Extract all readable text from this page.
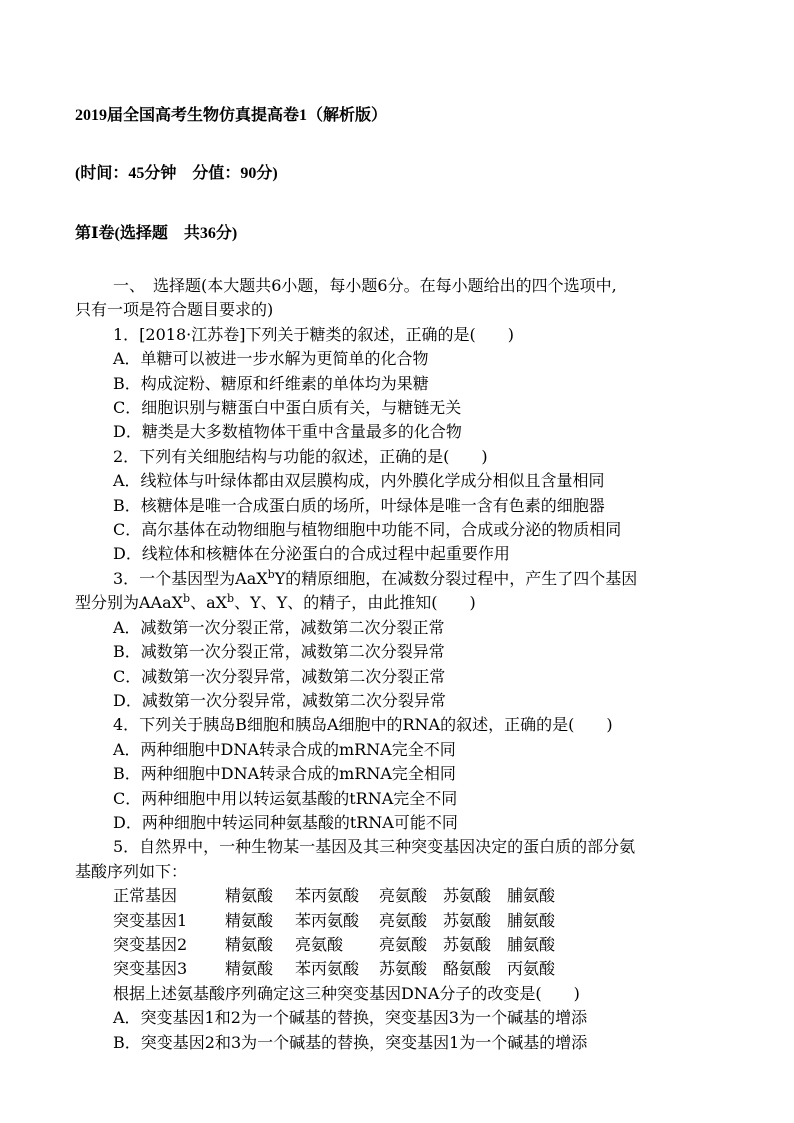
2019届全国高考生物仿真提高卷1（解析版）
(时间：45分钟　分值：90分)
第Ⅰ卷(选择题　共36分)

一、　选择题(本大题共6小题，每小题6分。在每小题给出的四个选项中,

只有一项是符合题目要求的)

1．[2018·江苏卷]下列关于糖类的叙述，正确的是(　　)

A．单糖可以被进一步水解为更简单的化合物

B．构成淀粉、糖原和纤维素的单体均为果糖

C．细胞识别与糖蛋白中蛋白质有关，与糖链无关

D．糖类是大多数植物体干重中含量最多的化合物

2．下列有关细胞结构与功能的叙述，正确的是(　　)

A．线粒体与叶绿体都由双层膜构成，内外膜化学成分相似且含量相同

B．核糖体是唯一合成蛋白质的场所，叶绿体是唯一含有色素的细胞器

C．高尔基体在动物细胞与植物细胞中功能不同，合成或分泌的物质相同

D．线粒体和核糖体在分泌蛋白的合成过程中起重要作用

3．一个基因型为AaX$^b$Y的精原细胞，在减数分裂过程中，产生了四个基因

型分别为AAaX$^b$、$aX^b$、Y、Y、的精子，由此推知(　　)

A．减数第一次分裂正常，减数第二次分裂正常

B．减数第一次分裂正常，减数第二次分裂异常

C．减数第一次分裂异常，减数第二次分裂正常

D．减数第一次分裂异常，减数第二次分裂异常

4．下列关于胰岛B细胞和胰岛A细胞中的RNA的叙述，正确的是(　　)

A．两种细胞中DNA转录合成的mRNA完全不同

B．两种细胞中DNA转录合成的mRNA完全相同

C．两种细胞中用以转运氨基酸的tRNA完全不同

D．两种细胞中转运同种氨基酸的tRNA可能不同

5．自然界中，一种生物某一基因及其三种突变基因决定的蛋白质的部分氨

基酸序列如下：

正常基因	精氨酸	苯丙氨酸	亮氨酸 苏氨酸 脯氨酸
突变基因1	精氨酸	苯丙氨酸	亮氨酸 苏氨酸 脯氨酸
突变基因2	精氨酸	亮氨酸	亮氨酸 苏氨酸 脯氨酸
突变基因3	精氨酸	苯丙氨酸	苏氨酸 酪氨酸 丙氨酸

根据上述氨基酸序列确定这三种突变基因DNA分子的改变是(　　)

A．突变基因1和2为一个碱基的替换，突变基因3为一个碱基的增添

B．突变基因2和3为一个碱基的替换，突变基因1为一个碱基的增添
